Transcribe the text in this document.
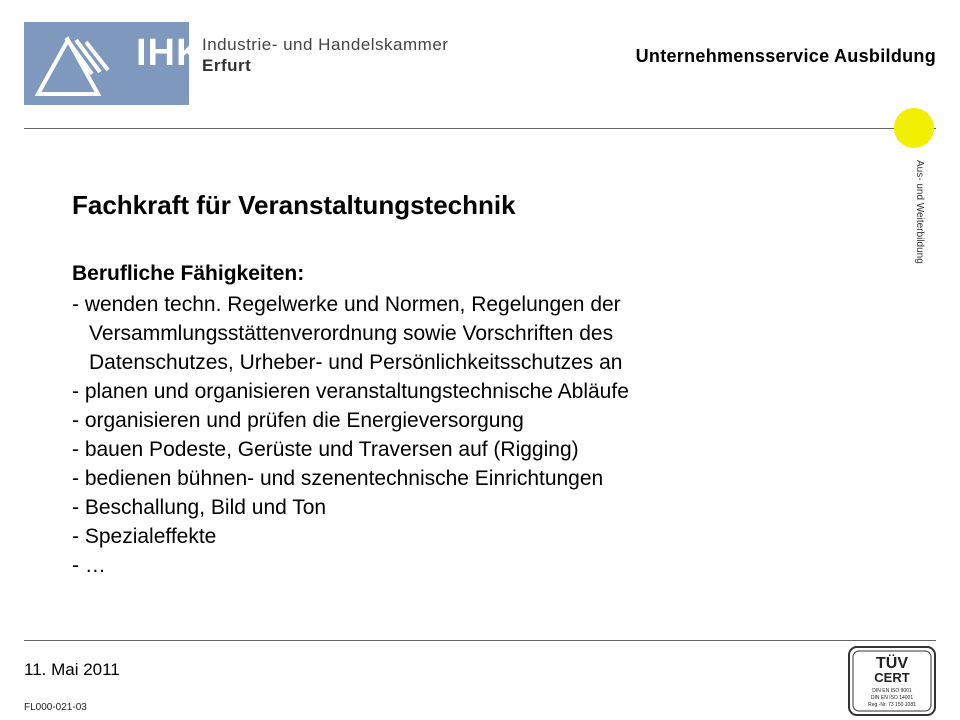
IHK
Industrie- und Handelskammer
Erfurt	Unternehmensservice Ausbildung
Aus- und Weiterbildung
Fachkraft für Veranstaltungstechnik
Berufliche Fähigkeiten:
- wenden techn. Regelwerke und Normen, Regelungen der
Versammlungsstättenverordnung sowie Vorschriften des
Datenschutzes, Urheber- und Persönlichkeitsschutzes an
- planen und organisieren veranstaltungstechnische Abläufe
- organisieren und prüfen die Energieversorgung
- bauen Podeste, Gerüste und Traversen auf (Rigging)
- bedienen bühnen- und szenentechnische Einrichtungen
- Beschallung, Bild und Ton
- Spezialeffekte
- …
11. Mai 2011
FL000-021-03
TÜV
CERT
DIN EN ISO 9001
DIN EN ISO 14001
Reg.-Nr. 73 150 1081
